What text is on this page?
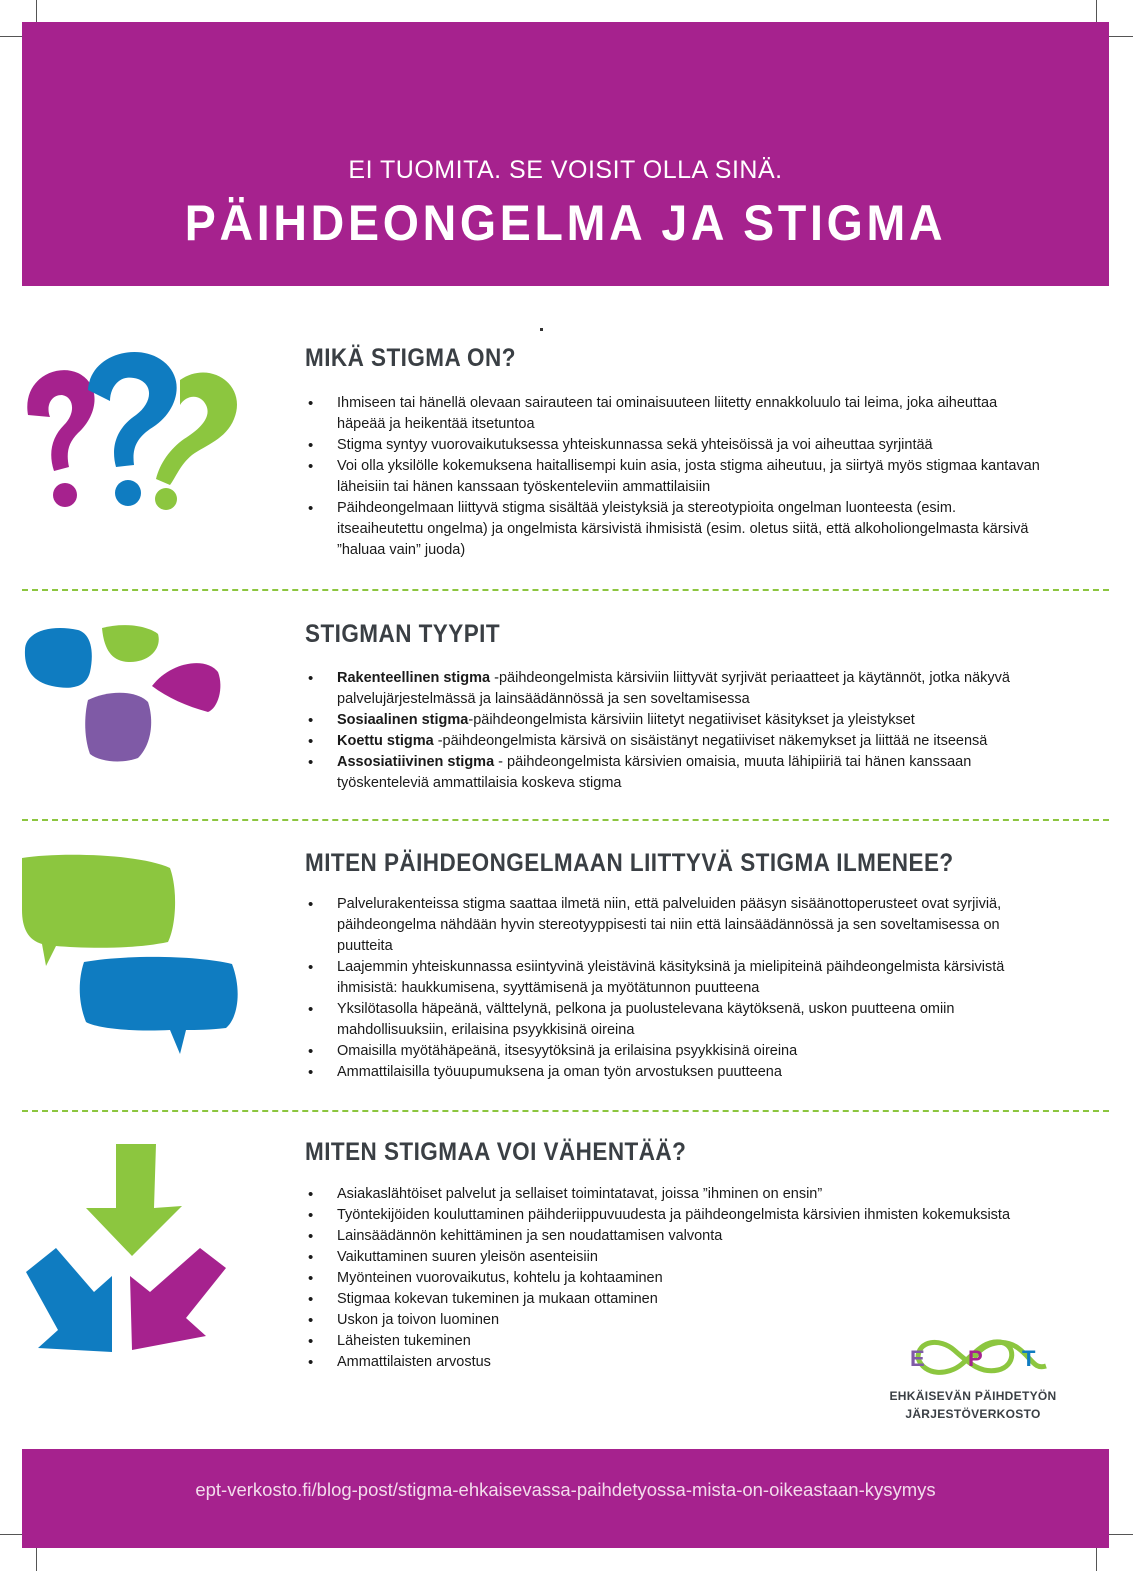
EI TUOMITA. SE VOISIT OLLA SINÄ.
PÄIHDEONGELMA JA STIGMA
MIKÄ STIGMA ON?
• Ihmiseen tai hänellä olevaan sairauteen tai ominaisuuteen liitetty ennakkoluulo tai leima, joka aiheuttaa häpeää ja heikentää itsetuntoa
• Stigma syntyy vuorovaikutuksessa yhteiskunnassa sekä yhteisöissä ja voi aiheuttaa syrjintää
• Voi olla yksilölle kokemuksena haitallisempi kuin asia, josta stigma aiheutuu, ja siirtyä myös stigmaa kantavan läheisiin tai hänen kanssaan työskenteleviin ammattilaisiin
• Päihdeongelmaan liittyvä stigma sisältää yleistyksiä ja stereotypioita ongelman luonteesta (esim. itseaiheutettu ongelma) ja ongelmista kärsivistä ihmisistä (esim. oletus siitä, että alkoholiongelmasta kärsivä ”haluaa vain” juoda)
STIGMAN TYYPIT
• Rakenteellinen stigma -päihdeongelmista kärsiviin liittyvät syrjivät periaatteet ja käytännöt, jotka näkyvä palvelujärjestelmässä ja lainsäädännössä ja sen soveltamisessa
• Sosiaalinen stigma-päihdeongelmista kärsiviin liitetyt negatiiviset käsitykset ja yleistykset
• Koettu stigma -päihdeongelmista kärsivä on sisäistänyt negatiiviset näkemykset ja liittää ne itseensä
• Assosiatiivinen stigma - päihdeongelmista kärsivien omaisia, muuta lähipiiriä tai hänen kanssaan työskenteleviä ammattilaisia koskeva stigma
MITEN PÄIHDEONGELMAAN LIITTYVÄ STIGMA ILMENEE?
• Palvelurakenteissa stigma saattaa ilmetä niin, että palveluiden pääsyn sisäänottoperusteet ovat syrjiviä, päihdeongelma nähdään hyvin stereotyyppisesti tai niin että lainsäädännössä ja sen soveltamisessa on puutteita
• Laajemmin yhteiskunnassa esiintyvinä yleistävinä käsityksinä ja mielipiteinä päihdeongelmista kärsivistä ihmisistä: haukkumisena, syyttämisenä ja myötätunnon puutteena
• Yksilötasolla häpeänä, välttelynä, pelkona ja puolustelevana käytöksenä, uskon puutteena omiin mahdollisuuksiin, erilaisina psyykkisinä oireina
• Omaisilla myötähäpeänä, itsesyytöksinä ja erilaisina psyykkisinä oireina
• Ammattilaisilla työuupumuksena ja oman työn arvostuksen puutteena
MITEN STIGMAA VOI VÄHENTÄÄ?
• Asiakaslähtöiset palvelut ja sellaiset toimintatavat, joissa ”ihminen on ensin”
• Työntekijöiden kouluttaminen päihderiippuvuudesta ja päihdeongelmista kärsivien ihmisten kokemuksista
• Lainsäädännön kehittäminen ja sen noudattamisen valvonta
• Vaikuttaminen suuren yleisön asenteisiin
• Myönteinen vuorovaikutus, kohtelu ja kohtaaminen
• Stigmaa kokevan tukeminen ja mukaan ottaminen
• Uskon ja toivon luominen
• Läheisten tukeminen
• Ammattilaisten arvostus	E P T
EHKÄISEVÄN PÄIHDETYÖN
JÄRJESTÖVERKOSTO
ept-verkosto.fi/blog-post/stigma-ehkaisevassa-paihdetyossa-mista-on-oikeastaan-kysymys
